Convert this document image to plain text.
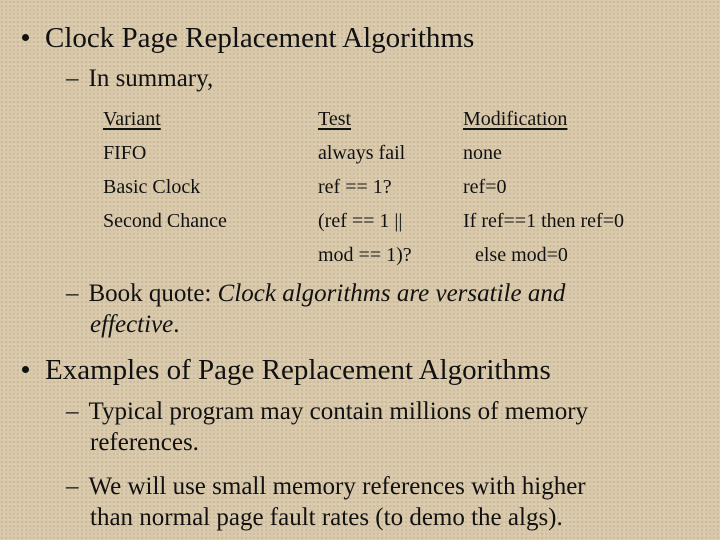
Clock Page Replacement Algorithms
– In summary,
Variant
FIFO
Basic Clock
Second Chance
Test
always fail
ref == 1?
(ref == 1 ||
mod == 1)?
Modification
none
ref=0
If ref==1 then ref=0
else mod=0
– Book quote: Clock algorithms are versatile and
effective.
Examples of Page Replacement Algorithms
– Typical program may contain millions of memory
references.
– We will use small memory references with higher
than normal page fault rates (to demo the algs).
